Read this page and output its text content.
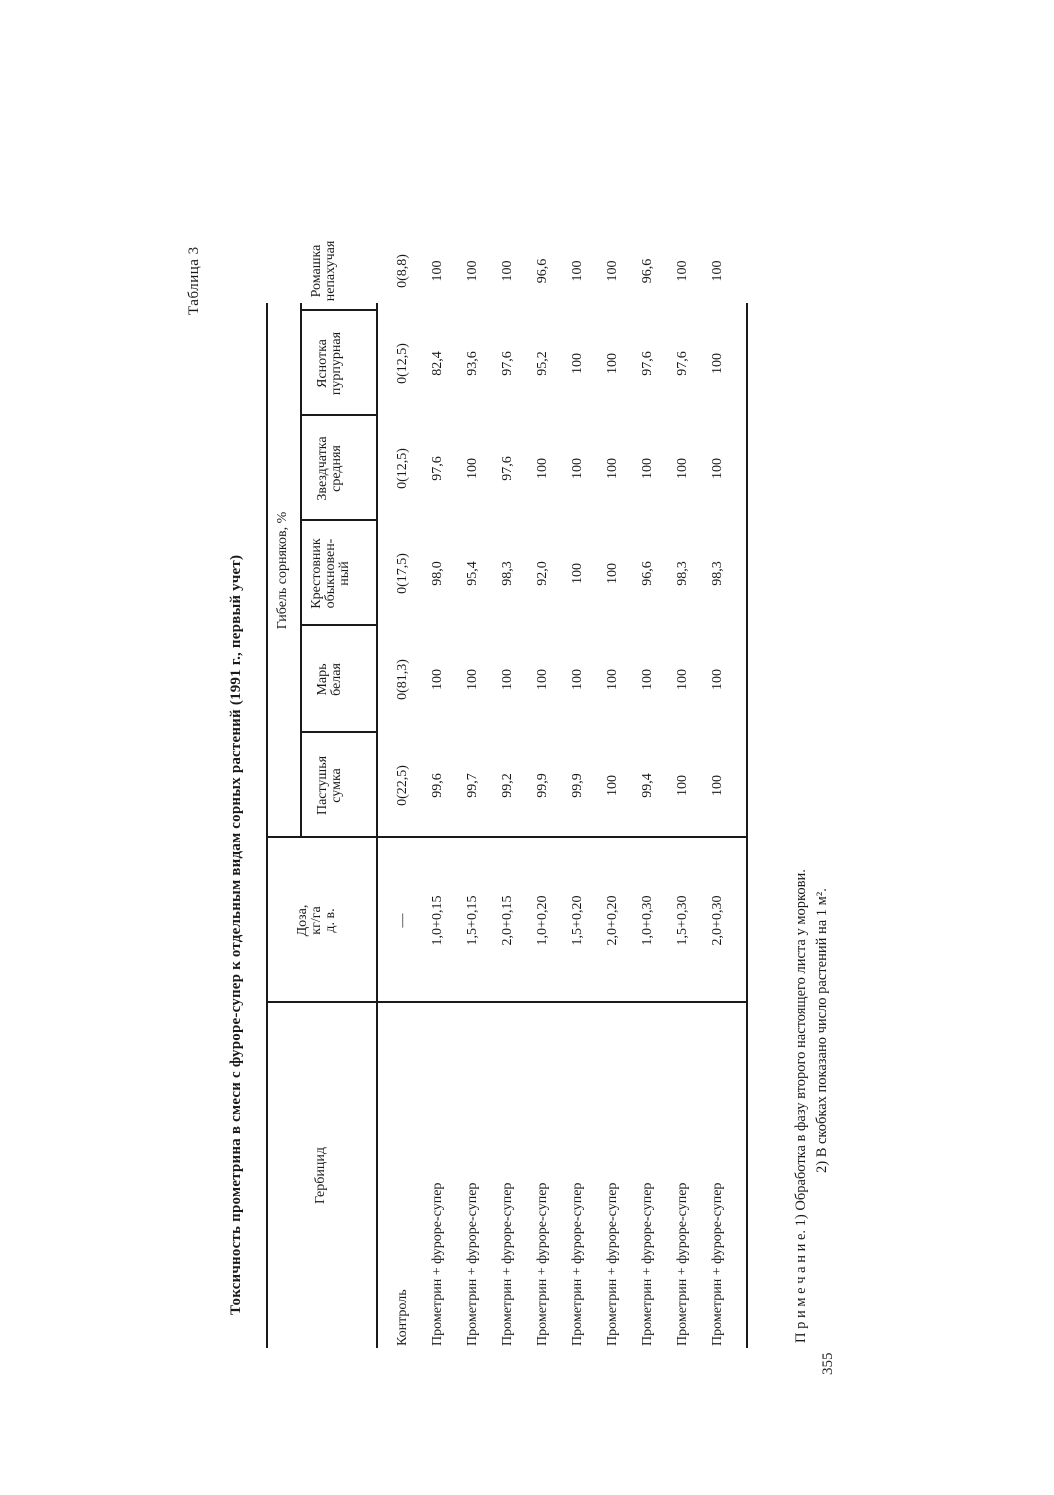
Таблица 3
Токсичность прометрина в смеси с фуроре-супер к отдельным видам сорных растений (1991 г., первый учет)	Гербицид
Доза, кг/га д. в.
Гибель сорняков, %
Пастушья сумка
Марь белая
Крестовник обыкновен- ный
Звездчатка средняя
Яснотка пурпурная
Ромашка непахучая
Контроль
—
0(22,5)
0(81,3)
0(17,5)
0(12,5)
0(12,5)
0(8,8)
Прометрин + фуроре-супер
1,0+0,15
99,6
100
98,0
97,6
82,4
100
Прометрин + фуроре-супер
1,5+0,15
99,7
100
95,4
100
93,6
100
Прометрин + фуроре-супер
2,0+0,15
99,2
100
98,3
97,6
97,6
100
Прометрин + фуроре-супер
1,0+0,20
99,9
100
92,0
100
95,2
96,6
Прометрин + фуроре-супер
1,5+0,20
99,9
100
100
100
100
100
Прометрин + фуроре-супер
2,0+0,20
100
100
100
100
100
100
Прометрин + фуроре-супер
1,0+0,30
99,4
100
96,6
100
97,6
96,6
Прометрин + фуроре-супер
1,5+0,30
100
100
98,3
100
97,6
100
Прометрин + фуроре-супер
2,0+0,30
100
100
98,3
100
100
100
П р и м е ч а н и е. 1) Обработка в фазу второго настоящего листа у моркови. 2) В скобках показано число растений на 1 м².
355
